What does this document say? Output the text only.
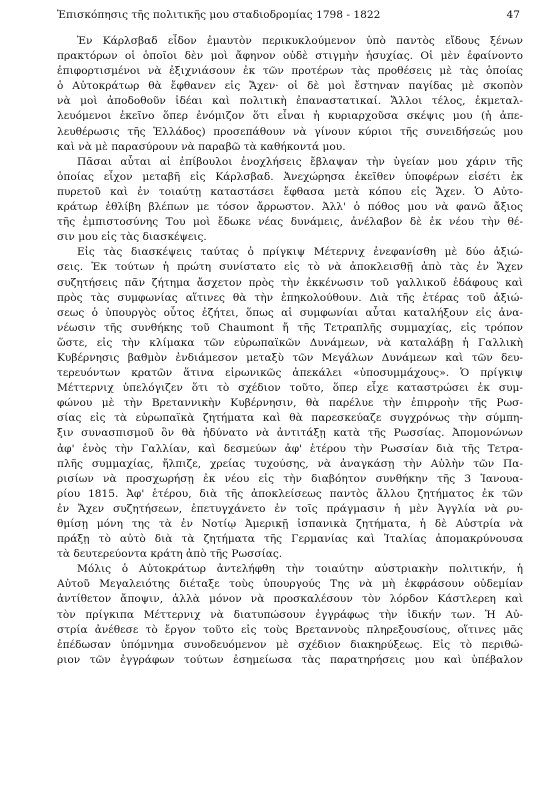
Ἐπισκόπησις τῆς πολιτικῆς μου σταδιοδρομίας 1798 - 1822	47
Ἐν Κάρλσβαδ εἶδον ἐμαυτὸν περικυκλούμενον ὑπὸ παντὸς εἴδους ξένων
πρακτόρων οἱ ὁποῖοι δὲν μοὶ ἄφηνον οὐδὲ στιγμὴν ἡσυχίας. Οἱ μὲν ἐφαίνοντο
ἐπιφορτισμένοι νὰ ἐξιχνιάσουν ἐκ τῶν προτέρων τὰς προθέσεις μὲ τὰς ὁποίας
ὁ Αὐτοκράτωρ θὰ ἔφθανεν εἰς Ἄχεν· οἱ δὲ μοὶ ἔστηναν παγίδας μὲ σκοπὸν
νὰ μοὶ ἀποδοθοῦν ἰδέαι καὶ πολιτικὴ ἐπαναστατικαί. Ἄλλοι τέλος, ἐκμεταλ-
λευόμενοι ἐκεῖνο ὅπερ ἐνόμιζον ὅτι εἶναι ἡ κυριαρχοῦσα σκέψις μου (ἡ ἀπε-
λευθέρωσις τῆς Ἑλλάδος) προσεπάθουν νὰ γίνουν κύριοι τῆς συνειδήσεώς μου
καὶ νὰ μὲ παρασύρουν νὰ παραβῶ τὰ καθήκοντά μου.
Πᾶσαι αὗται αἱ ἐπίβουλοι ἐνοχλήσεις ἔβλαψαν τὴν ὑγείαν μου χάριν τῆς
ὁποίας εἶχον μεταβῆ εἰς Κάρλσβαδ. Ἀνεχώρησα ἐκεῖθεν ὑποφέρων εἰσέτι ἐκ
πυρετοῦ καὶ ἐν τοιαύτῃ καταστάσει ἔφθασα μετὰ κόπου εἰς Ἄχεν. Ὁ Αὐτο-
κράτωρ ἐθλίβη βλέπων με τόσον ἄρρωστον. Ἀλλ' ὁ πόθος μου νὰ φανῶ ἄξιος
τῆς ἐμπιστοσύνης Του μοὶ ἔδωκε νέας δυνάμεις, ἀνέλαβον δὲ ἐκ νέου τὴν θέ-
σιν μου εἰς τὰς διασκέψεις.
Εἰς τὰς διασκέψεις ταύτας ὁ πρίγκιψ Μέτερνιχ ἐνεφανίσθη μὲ δύο ἀξιώ-
σεις. Ἐκ τούτων ἡ πρώτη συνίστατο εἰς τὸ νὰ ἀποκλεισθῇ ἀπὸ τὰς ἐν Ἄχεν
συζητήσεις πᾶν ζήτημα ἄσχετον πρὸς τὴν ἐκκένωσιν τοῦ γαλλικοῦ ἐδάφους καὶ
πρὸς τὰς συμφωνίας αἵτινες θὰ τὴν ἐπηκολούθουν. Διὰ τῆς ἑτέρας τοῦ ἀξιώ-
σεως ὁ ὑπουργὸς οὗτος ἐζήτει, ὅπως αἱ συμφωνίαι αὗται καταλήξουν εἰς ἀνα-
νέωσιν τῆς συνθήκης τοῦ Chaumont ἤ τῆς Τετραπλῆς συμμαχίας, εἰς τρόπον
ὥστε, εἰς τὴν κλίμακα τῶν εὐρωπαϊκῶν Δυνάμεων, νὰ καταλάβῃ ἡ Γαλλικὴ
Κυβέρνησις βαθμὸν ἐνδιάμεσον μεταξὺ τῶν Μεγάλων Δυνάμεων καὶ τῶν δευ-
τερευόντων κρατῶν ἅτινα εἰρωνικῶς ἀπεκάλει «ὑποσυμμάχους». Ὁ πρίγκιψ
Μέττερνιχ ὑπελόγιζεν ὅτι τὸ σχέδιον τοῦτο, ὅπερ εἶχε καταστρώσει ἐκ συμ-
φώνου μὲ τὴν Βρεταννικὴν Κυβέρνησιν, θὰ παρέλυε τὴν ἐπιρροὴν τῆς Ρωσ-
σίας εἰς τὰ εὐρωπαϊκὰ ζητήματα καὶ θὰ παρεσκεύαζε συγχρόνως τὴν σύμπη-
ξιν συνασπισμοῦ ὃν θὰ ἠδύνατο νὰ ἀντιτάξῃ κατὰ τῆς Ρωσσίας. Ἀπομονώνων
ἀφ' ἑνὸς τὴν Γαλλίαν, καὶ δεσμεύων ἀφ' ἑτέρου τὴν Ρωσσίαν διὰ τῆς Τετρα-
πλῆς συμμαχίας, ἤλπιζε, χρείας τυχούσης, νὰ ἀναγκάσῃ τὴν Αὐλὴν τῶν Πα-
ρισίων νὰ προσχωρήσῃ ἐκ νέου εἰς τὴν διαβόητον συνθήκην τῆς 3 Ἰανουα-
ρίου 1815. Ἀφ' ἑτέρου, διὰ τῆς ἀποκλείσεως παντὸς ἄλλου ζητήματος ἐκ τῶν
ἐν Ἄχεν συζητήσεων, ἐπετυγχάνετο ἐν τοῖς πράγμασιν ἡ μὲν Ἀγγλία νὰ ρυ-
θμίσῃ μόνη της τὰ ἐν Νοτίῳ Ἀμερικῇ ἰσπανικὰ ζητήματα, ἡ δὲ Αὐστρία νὰ
πράξῃ τὸ αὐτὸ διὰ τὰ ζητήματα τῆς Γερμανίας καὶ Ἰταλίας ἀπομακρύνουσα
τὰ δευτερεύοντα κράτη ἀπὸ τῆς Ρωσσίας.
Μόλις ὁ Αὐτοκράτωρ ἀντελήφθη τὴν τοιαύτην αὐστριακὴν πολιτικήν, ἡ
Αὐτοῦ Μεγαλειότης διέταξε τοὺς ὑπουργούς Της νὰ μὴ ἐκφράσουν οὐδεμίαν
ἀντίθετον ἄποψιν, ἀλλὰ μόνον νὰ προσκαλέσουν τὸν λόρδον Κάστλερεη καὶ
τὸν πρίγκιπα Μέττερνιχ νὰ διατυπώσουν ἐγγράφως τὴν ἰδικήν των. Ἡ Αὐ-
στρία ἀνέθεσε τὸ ἔργον τοῦτο εἰς τοὺς Βρεταννοὺς πληρεξουσίους, οἵτινες μᾶς
ἐπέδωσαν ὑπόμνημα συνοδευόμενον μὲ σχέδιον διακηρύξεως. Εἰς τὸ περιθώ-
ριον τῶν ἐγγράφων τούτων ἐσημείωσα τὰς παρατηρήσεις μου καὶ ὑπέβαλον
